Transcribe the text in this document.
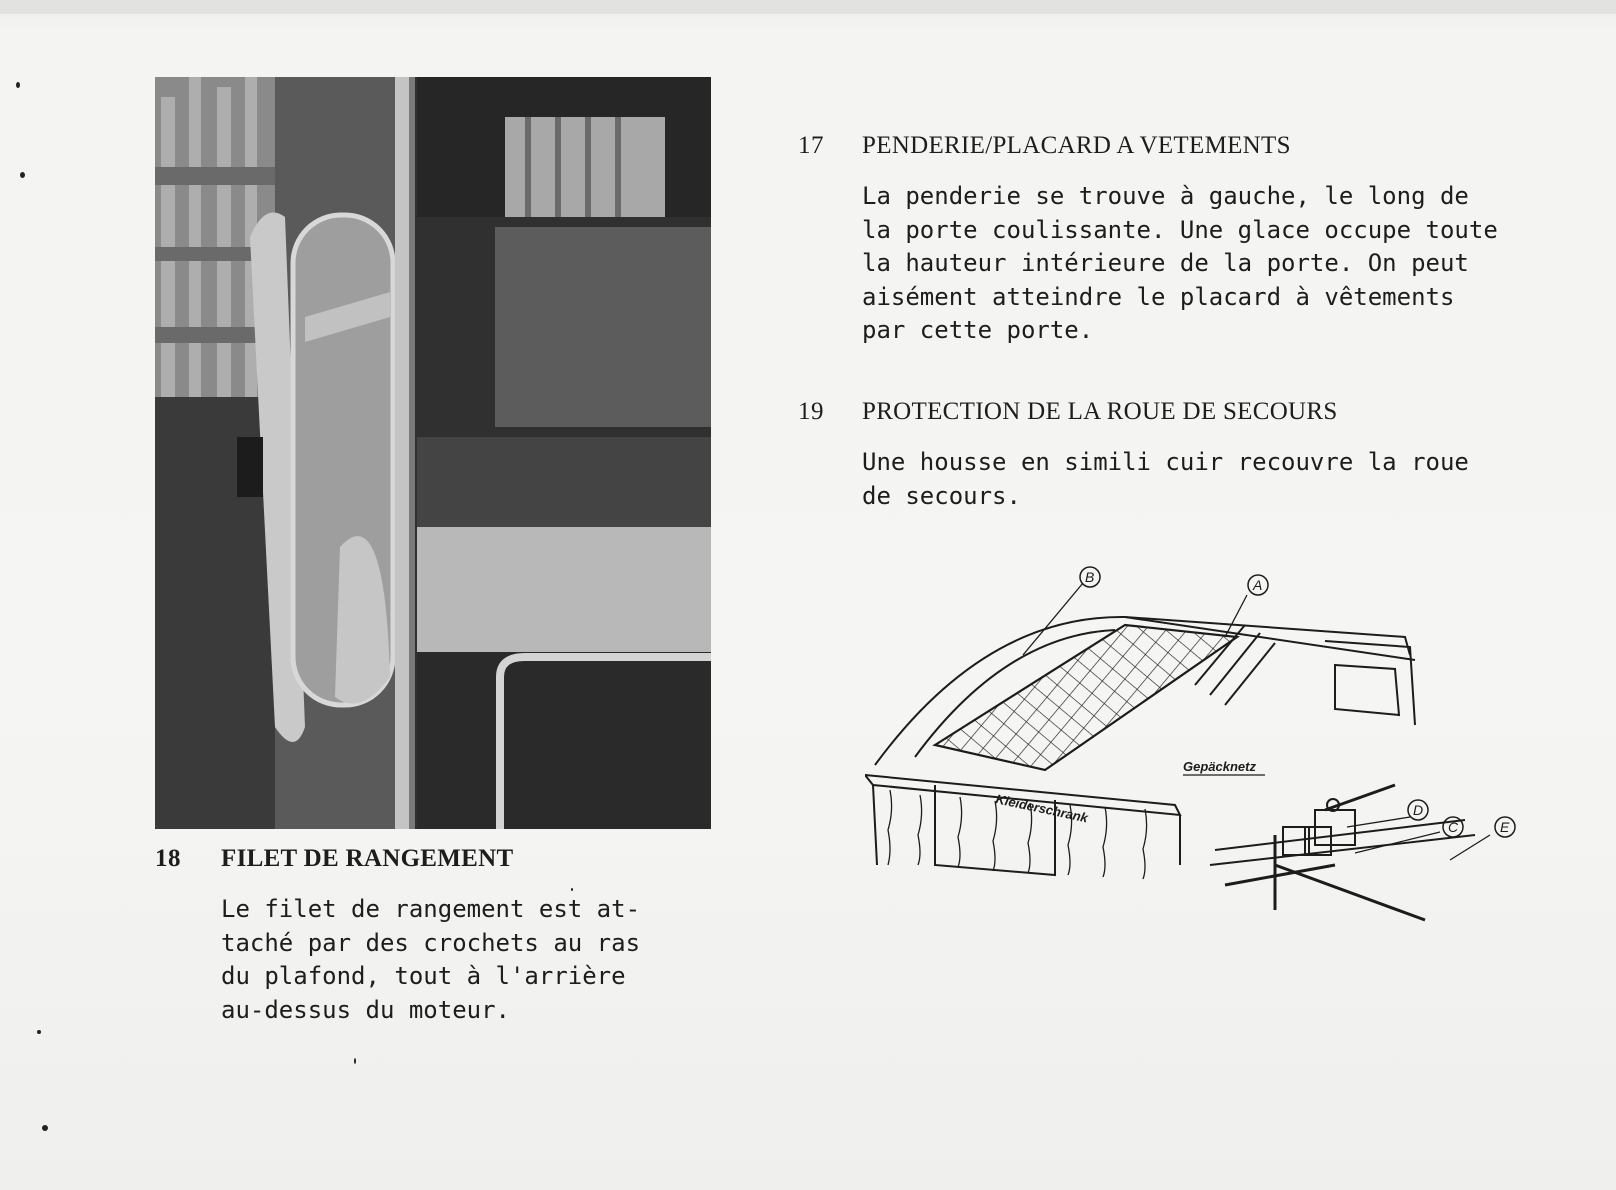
17 PENDERIE/PLACARD A VETEMENTS
La penderie se trouve à gauche, le long de
la porte coulissante. Une glace occupe toute
la hauteur intérieure de la porte. On peut
aisément atteindre le placard à vêtements
par cette porte.
19 PROTECTION DE LA ROUE DE SECOURS
Une housse en simili cuir recouvre la roue
de secours.
18 FILET DE RANGEMENT
Le filet de rangement est at-
taché par des crochets au ras
du plafond, tout à l'arrière
au-dessus du moteur.
B	A
D
C	E
Gepäcknetz
Kleiderschrank
